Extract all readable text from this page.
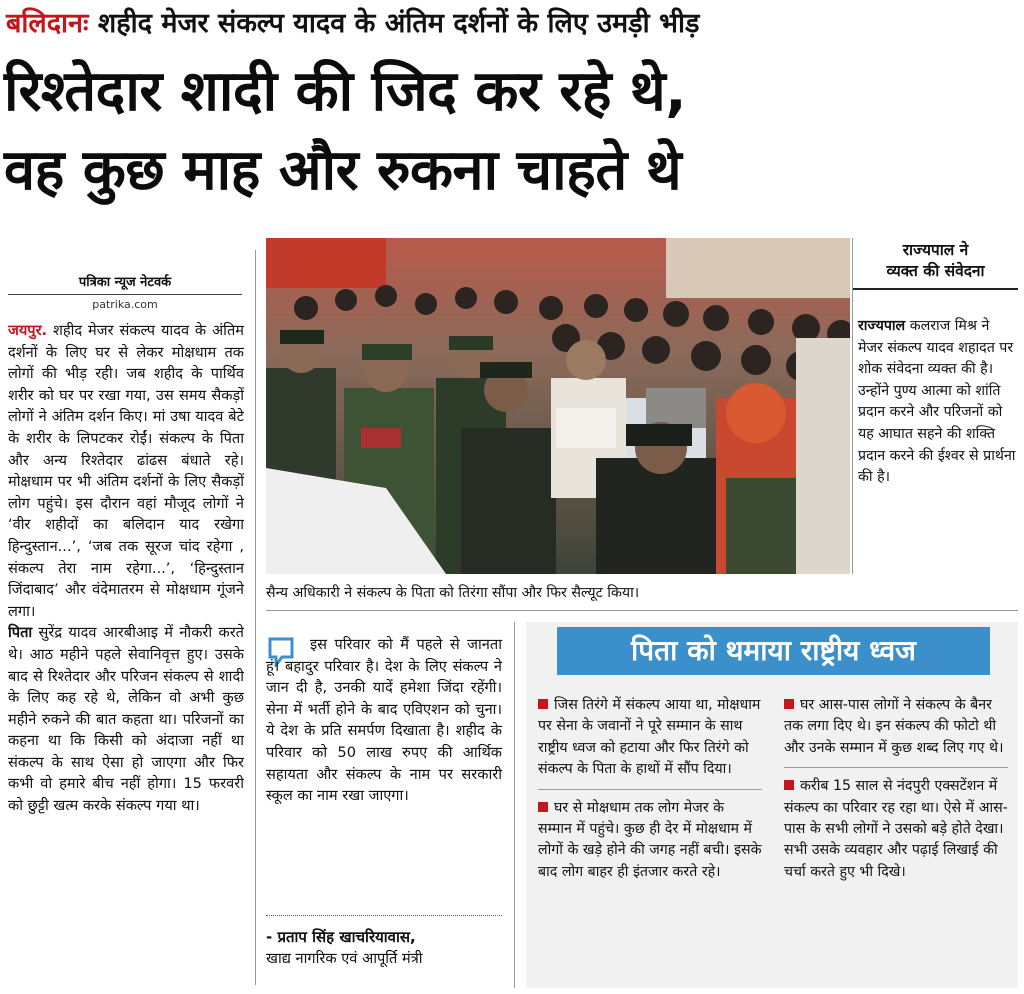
बलिदानः शहीद मेजर संकल्प यादव के अंतिम दर्शनों के लिए उमड़ी भीड़
रिश्तेदार शादी की जिद कर रहे थे,
वह कुछ माह और रुकना चाहते थे
पत्रिका न्यूज नेटवर्क
patrika.com

जयपुर. शहीद मेजर संकल्प यादव के अंतिम दर्शनों के लिए घर से लेकर मोक्षधाम तक लोगों की भीड़ रही। जब शहीद के पार्थिव शरीर को घर पर रखा गया, उस समय सैकड़ों लोगों ने अंतिम दर्शन किए। मां उषा यादव बेटे के शरीर के लिपटकर रोईं। संकल्प के पिता और अन्य रिश्तेदार ढांढस बंधाते रहे। मोक्षधाम पर भी अंतिम दर्शनों के लिए सैकड़ों लोग पहुंचे। इस दौरान वहां मौजूद लोगों ने ‘वीर शहीदों का बलिदान याद रखेगा हिन्दुस्तान...’, ‘जब तक सूरज चांद रहेगा , संकल्प तेरा नाम रहेगा...’, ‘हिन्दुस्तान जिंदाबाद’ और वंदेमातरम से मोक्षधाम गूंजने लगा।

पिता सुरेंद्र यादव आरबीआइ में नौकरी करते थे। आठ महीने पहले सेवानिवृत्त हुए। उसके बाद से रिश्तेदार और परिजन संकल्प से शादी के लिए कह रहे थे, लेकिन वो अभी कुछ महीने रुकने की बात कहता था। परिजनों का कहना था कि किसी को अंदाजा नहीं था संकल्प के साथ ऐसा हो जाएगा और फिर कभी वो हमारे बीच नहीं होगा। 15 फरवरी को छुट्टी खत्म करके संकल्प गया था।

सैन्य अधिकारी ने संकल्प के पिता को तिरंगा सौंपा और फिर सैल्यूट किया।
राज्यपाल ने
व्यक्त की संवेदना
राज्यपाल कलराज मिश्र ने मेजर संकल्प यादव शहादत पर शोक संवेदना व्यक्त की है। उन्होंने पुण्य आत्मा को शांति प्रदान करने और परिजनों को यह आघात सहने की शक्ति प्रदान करने की ईश्वर से प्रार्थना की है।
इस परिवार को मैं पहले से जानता हूं। बहादुर परिवार है। देश के लिए संकल्प ने जान दी है, उनकी यादें हमेशा जिंदा रहेंगी। सेना में भर्ती होने के बाद एविएशन को चुना। ये देश के प्रति समर्पण दिखाता है। शहीद के परिवार को 50 लाख रुपए की आर्थिक सहायता और संकल्प के नाम पर सरकारी स्कूल का नाम रखा जाएगा।
- प्रताप सिंह खाचरियावास,
खाद्य नागरिक एवं आपूर्ति मंत्री
पिता को थमाया राष्ट्रीय ध्वज

जिस तिरंगे में संकल्प आया था, मोक्षधाम पर सेना के जवानों ने पूरे सम्मान के साथ राष्ट्रीय ध्वज को हटाया और फिर तिरंगे को संकल्प के पिता के हाथों में सौंप दिया।

घर से मोक्षधाम तक लोग मेजर के सम्मान में पहुंचे। कुछ ही देर में मोक्षधाम में लोगों के खड़े होने की जगह नहीं बची। इसके बाद लोग बाहर ही इंतजार करते रहे।

घर आस-पास लोगों ने संकल्प के बैनर तक लगा दिए थे। इन संकल्प की फोटो थी और उनके सम्मान में कुछ शब्द लिए गए थे।

करीब 15 साल से नंदपुरी एक्सटेंशन में संकल्प का परिवार रह रहा था। ऐसे में आस-पास के सभी लोगों ने उसको बड़े होते देखा। सभी उसके व्यवहार और पढ़ाई लिखाई की चर्चा करते हुए भी दिखे।
